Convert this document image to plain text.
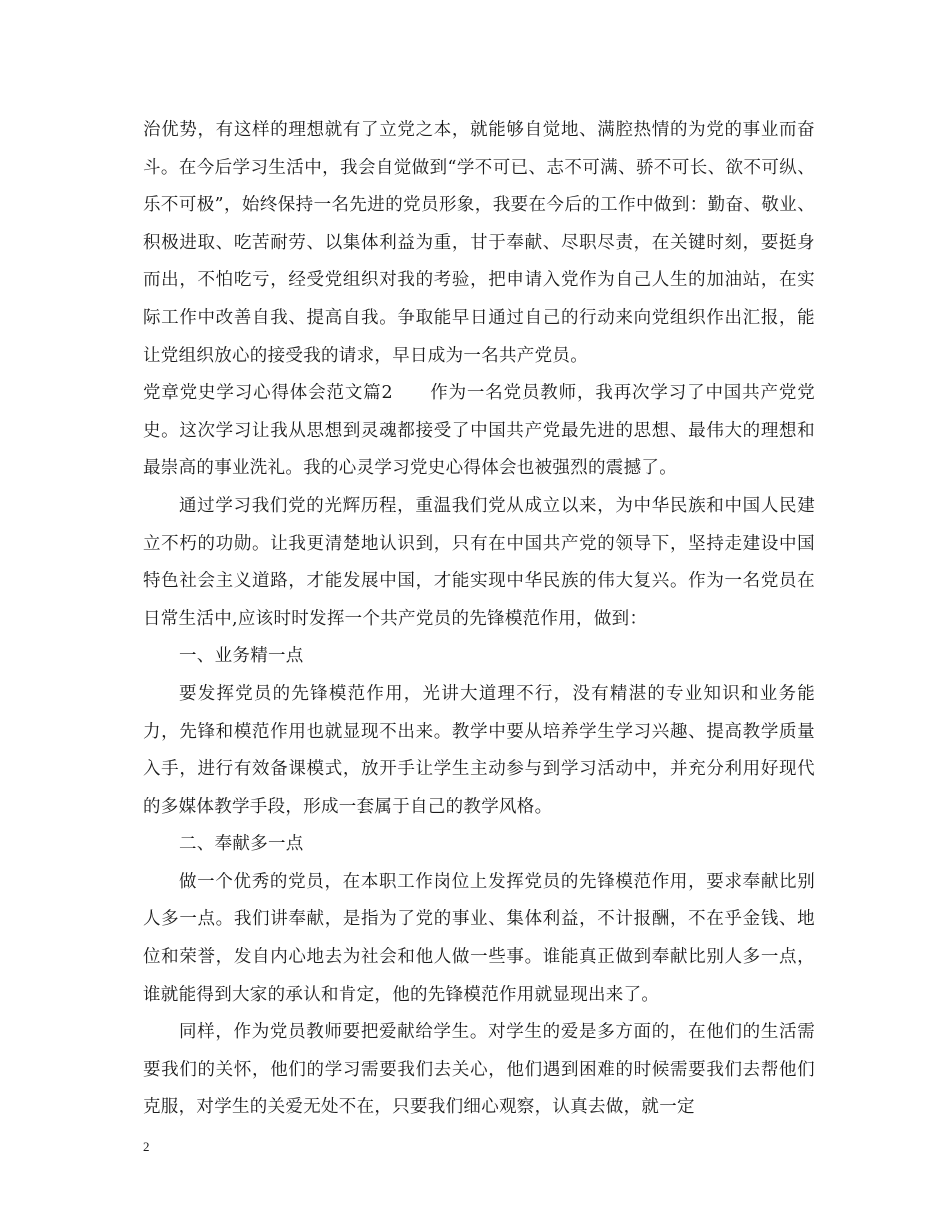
治优势，有这样的理想就有了立党之本，就能够自觉地、满腔热情的为党的事业而奋斗。在今后学习生活中，我会自觉做到“学不可已、志不可满、骄不可长、欲不可纵、乐不可极”，始终保持一名先进的党员形象，我要在今后的工作中做到：勤奋、敬业、积极进取、吃苦耐劳、以集体利益为重，甘于奉献、尽职尽责，在关键时刻，要挺身而出，不怕吃亏，经受党组织对我的考验，把申请入党作为自己人生的加油站，在实际工作中改善自我、提高自我。争取能早日通过自己的行动来向党组织作出汇报，能让党组织放心的接受我的请求，早日成为一名共产党员。

党章党史学习心得体会范文篇2　　作为一名党员教师，我再次学习了中国共产党党史。这次学习让我从思想到灵魂都接受了中国共产党最先进的思想、最伟大的理想和最崇高的事业洗礼。我的心灵学习党史心得体会也被强烈的震撼了。

通过学习我们党的光辉历程，重温我们党从成立以来，为中华民族和中国人民建立不朽的功勋。让我更清楚地认识到，只有在中国共产党的领导下，坚持走建设中国特色社会主义道路，才能发展中国，才能实现中华民族的伟大复兴。作为一名党员在日常生活中,应该时时发挥一个共产党员的先锋模范作用，做到：

一、业务精一点

要发挥党员的先锋模范作用，光讲大道理不行，没有精湛的专业知识和业务能力，先锋和模范作用也就显现不出来。教学中要从培养学生学习兴趣、提高教学质量入手，进行有效备课模式，放开手让学生主动参与到学习活动中，并充分利用好现代的多媒体教学手段，形成一套属于自己的教学风格。

二、奉献多一点

做一个优秀的党员，在本职工作岗位上发挥党员的先锋模范作用，要求奉献比别人多一点。我们讲奉献，是指为了党的事业、集体利益，不计报酬，不在乎金钱、地位和荣誉，发自内心地去为社会和他人做一些事。谁能真正做到奉献比别人多一点，谁就能得到大家的承认和肯定，他的先锋模范作用就显现出来了。

同样，作为党员教师要把爱献给学生。对学生的爱是多方面的，在他们的生活需要我们的关怀，他们的学习需要我们去关心，他们遇到困难的时候需要我们去帮他们克服，对学生的关爱无处不在，只要我们细心观察，认真去做，就一定

2
